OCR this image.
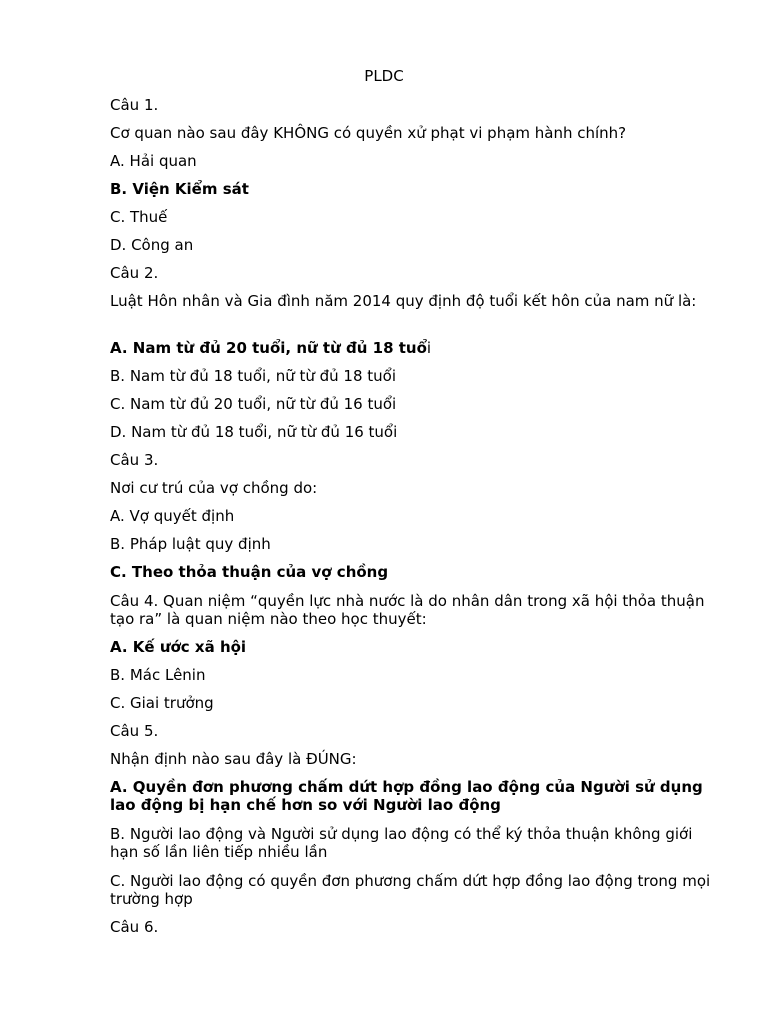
PLDC

Câu 1.

Cơ quan nào sau đây KHÔNG có quyền xử phạt vi phạm hành chính?

A. Hải quan

B. Viện Kiểm sát

C. Thuế

D. Công an

Câu 2.

Luật Hôn nhân và Gia đình năm 2014 quy định độ tuổi kết hôn của nam nữ là:

A. Nam từ đủ 20 tuổi, nữ từ đủ 18 tuổi

B. Nam từ đủ 18 tuổi, nữ từ đủ 18 tuổi

C. Nam từ đủ 20 tuổi, nữ từ đủ 16 tuổi

D. Nam từ đủ 18 tuổi, nữ từ đủ 16 tuổi

Câu 3.

Nơi cư trú của vợ chồng do:

A. Vợ quyết định

B. Pháp luật quy định

C. Theo thỏa thuận của vợ chồng

Câu 4. Quan niệm “quyền lực nhà nước là do nhân dân trong xã hội thỏa thuận tạo ra” là quan niệm nào theo học thuyết:

A. Kế ước xã hội

B. Mác Lênin

C. Giai trưởng

Câu 5.

Nhận định nào sau đây là ĐÚNG:

A. Quyền đơn phương chấm dứt hợp đồng lao động của Người sử dụng lao động bị hạn chế hơn so với Người lao động

B. Người lao động và Người sử dụng lao động có thể ký thỏa thuận không giới hạn số lần liên tiếp nhiều lần

C. Người lao động có quyền đơn phương chấm dứt hợp đồng lao động trong mọi trường hợp

Câu 6.
